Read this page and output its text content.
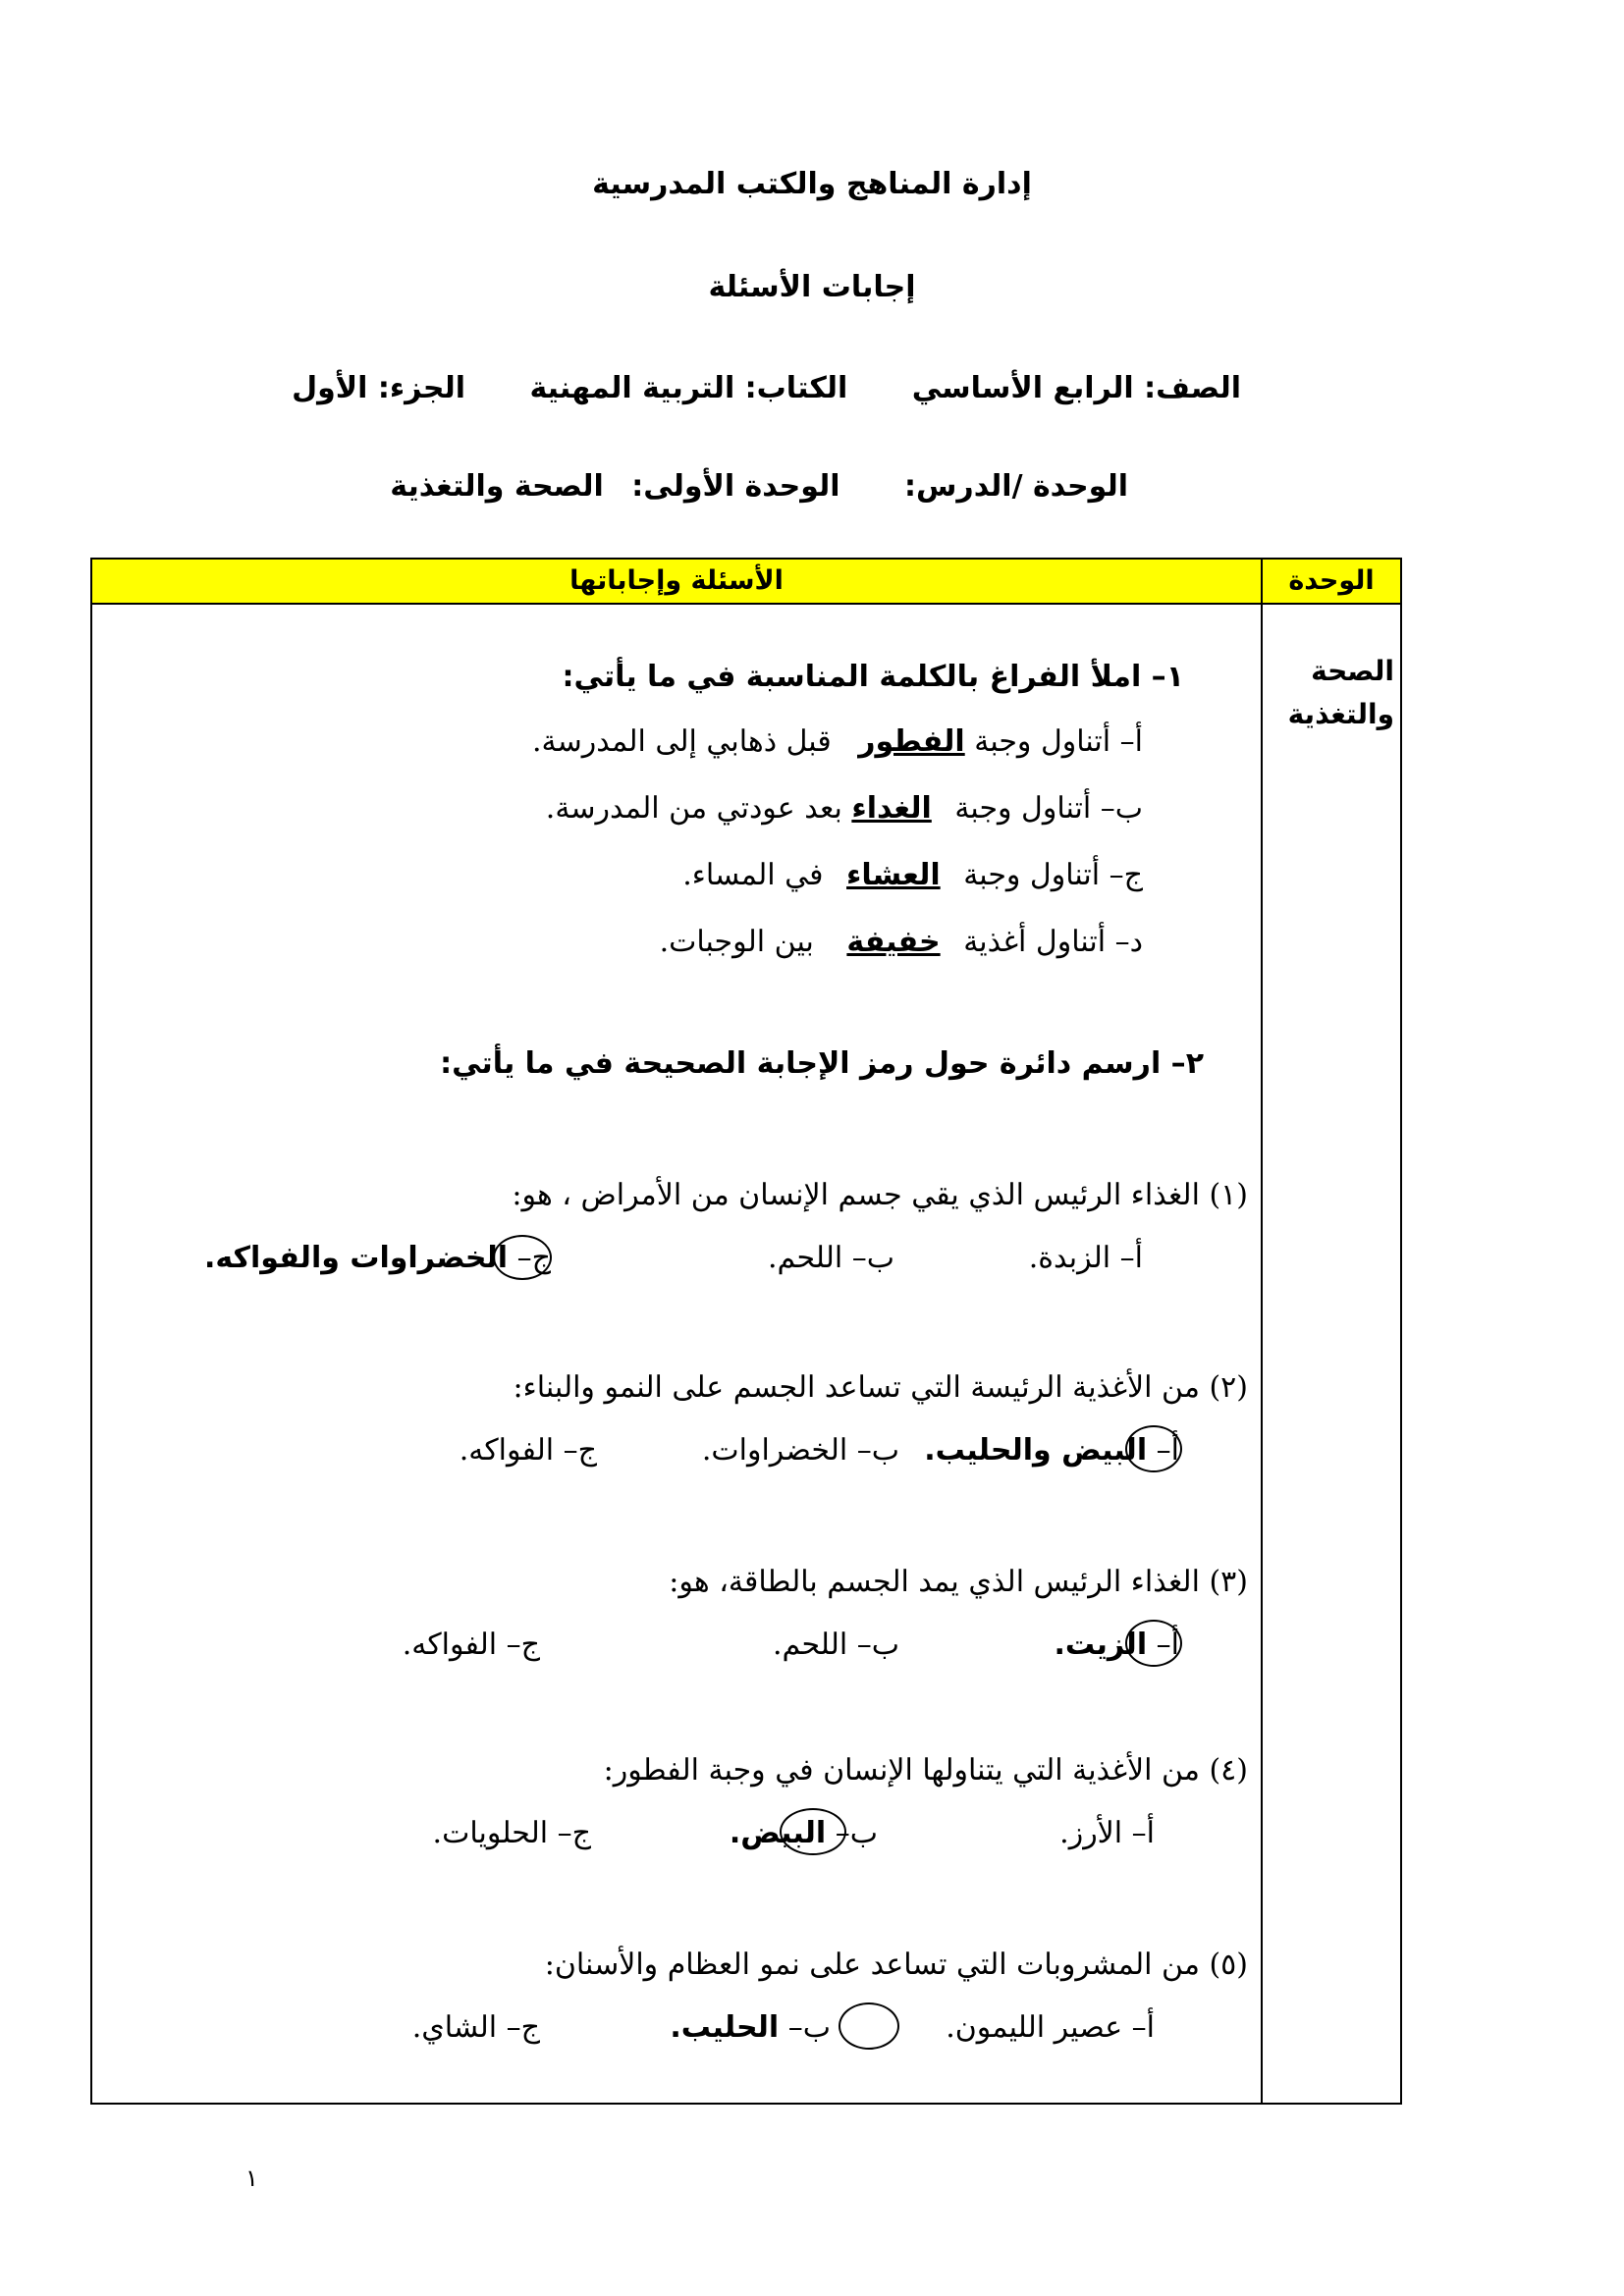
إدارة المناهج والكتب المدرسية
إجابات الأسئلة
الصف: الرابع الأساسي الكتاب: التربية المهنية الجزء: الأول
الوحدة /الدرس: الوحدة الأولى: الصحة والتغذية
الأسئلة وإجاباتها	الوحدة
الصحة
والتغذية
١– املأ الفراغ بالكلمة المناسبة في ما يأتي:
أ– أتناول وجبة الفطور قبل ذهابي إلى المدرسة.
ب– أتناول وجبة الغداء بعد عودتي من المدرسة.
ج– أتناول وجبة العشاء في المساء.
د– أتناول أغذية خفيفة بين الوجبات.
٢– ارسم دائرة حول رمز الإجابة الصحيحة في ما يأتي:
(١) الغذاء الرئيس الذي يقي جسم الإنسان من الأمراض ، هو:
أ– الزبدة.
ب– اللحم.
ج– الخضراوات والفواكه.
(٢) من الأغذية الرئيسة التي تساعد الجسم على النمو والبناء:
أ– البيض والحليب.
ب– الخضراوات.
ج– الفواكه.
(٣) الغذاء الرئيس الذي يمد الجسم بالطاقة، هو:
أ– الزيت.
ب– اللحم.
ج– الفواكه.
(٤) من الأغذية التي يتناولها الإنسان في وجبة الفطور:
أ– الأرز.
ب– البيض.
ج– الحلويات.
(٥) من المشروبات التي تساعد على نمو العظام والأسنان:
أ– عصير الليمون.
ب– الحليب.
ج– الشاي.
١
